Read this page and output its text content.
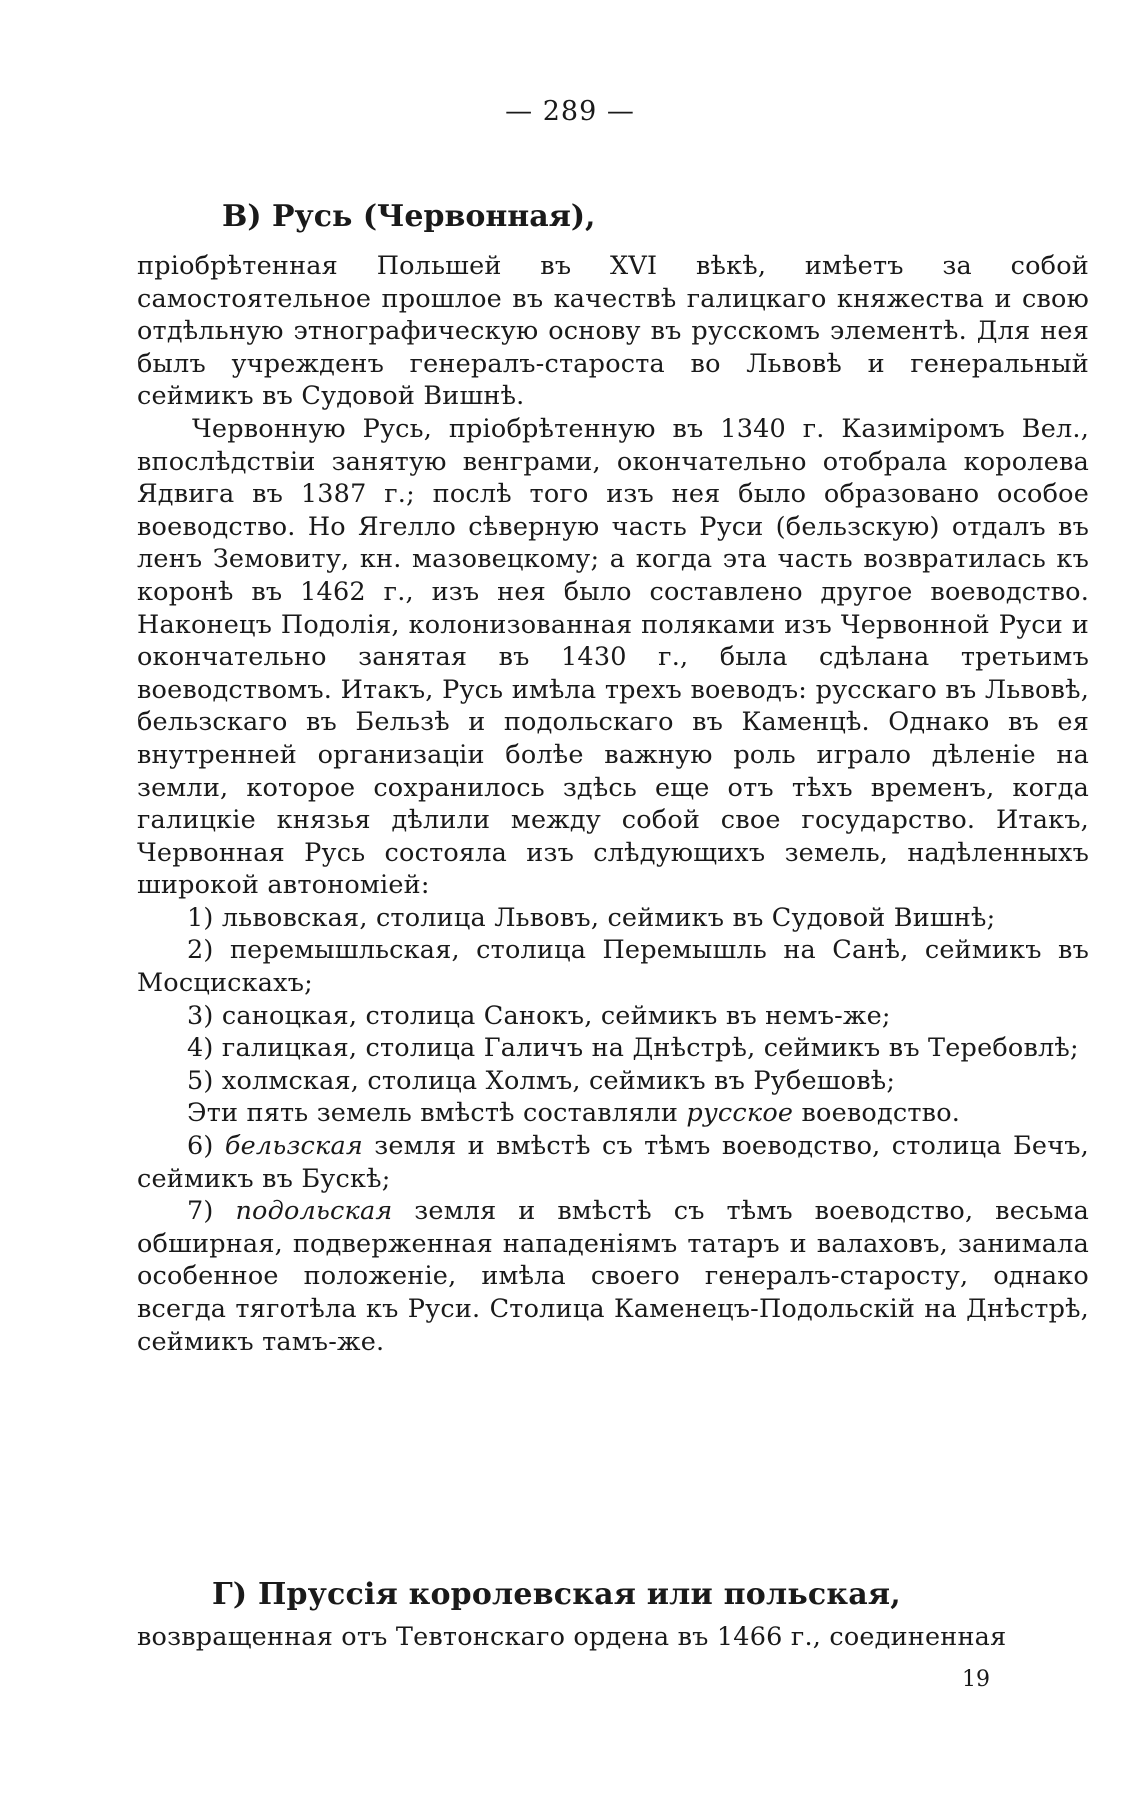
— 289 —
В) Русь (Червонная),

пріобрѣтенная Польшей въ XVI вѣкѣ, имѣетъ за собой самостоятельное прошлое въ качествѣ галицкаго княжества и свою отдѣльную этнографическую основу въ русскомъ элементѣ. Для нея былъ учрежденъ генералъ-староста во Львовѣ и генеральный сеймикъ въ Судовой Вишнѣ.

Червонную Русь, пріобрѣтенную въ 1340 г. Казиміромъ Вел., впослѣдствіи занятую венграми, окончательно отобрала королева Ядвига въ 1387 г.; послѣ того изъ нея было образовано особое воеводство. Но Ягелло сѣверную часть Руси (бельзскую) отдалъ въ ленъ Земовиту, кн. мазовецкому; а когда эта часть возвратилась къ коронѣ въ 1462 г., изъ нея было составлено другое воеводство. Наконецъ Подолія, колонизованная поляками изъ Червонной Руси и окончательно занятая въ 1430 г., была сдѣлана третьимъ воеводствомъ. Итакъ, Русь имѣла трехъ воеводъ: русскаго въ Львовѣ, бельзскаго въ Бельзѣ и подольскаго въ Каменцѣ. Однако въ ея внутренней организаціи болѣе важную роль играло дѣленіе на земли, которое сохранилось здѣсь еще отъ тѣхъ временъ, когда галицкіе князья дѣлили между собой свое государство. Итакъ, Червонная Русь состояла изъ слѣдующихъ земель, надѣленныхъ широкой автономіей:

1) львовская, столица Львовъ, сеймикъ въ Судовой Вишнѣ;

2) перемышльская, столица Перемышль на Санѣ, сеймикъ въ Мосцискахъ;

3) саноцкая, столица Санокъ, сеймикъ въ немъ-же;

4) галицкая, столица Галичъ на Днѣстрѣ, сеймикъ въ Теребовлѣ;

5) холмская, столица Холмъ, сеймикъ въ Рубешовѣ;

Эти пять земель вмѣстѣ составляли русское воеводство.

6) бельзская земля и вмѣстѣ съ тѣмъ воеводство, столица Бечъ, сеймикъ въ Бускѣ;

7) подольская земля и вмѣстѣ съ тѣмъ воеводство, весьма обширная, подверженная нападеніямъ татаръ и валаховъ, занимала особенное положеніе, имѣла своего генералъ-старосту, однако всегда тяготѣла къ Руси. Столица Каменецъ-Подольскій на Днѣстрѣ, сеймикъ тамъ-же.

Г) Пруссія королевская или польская,

возвращенная отъ Тевтонскаго ордена въ 1466 г., соединенная

19
